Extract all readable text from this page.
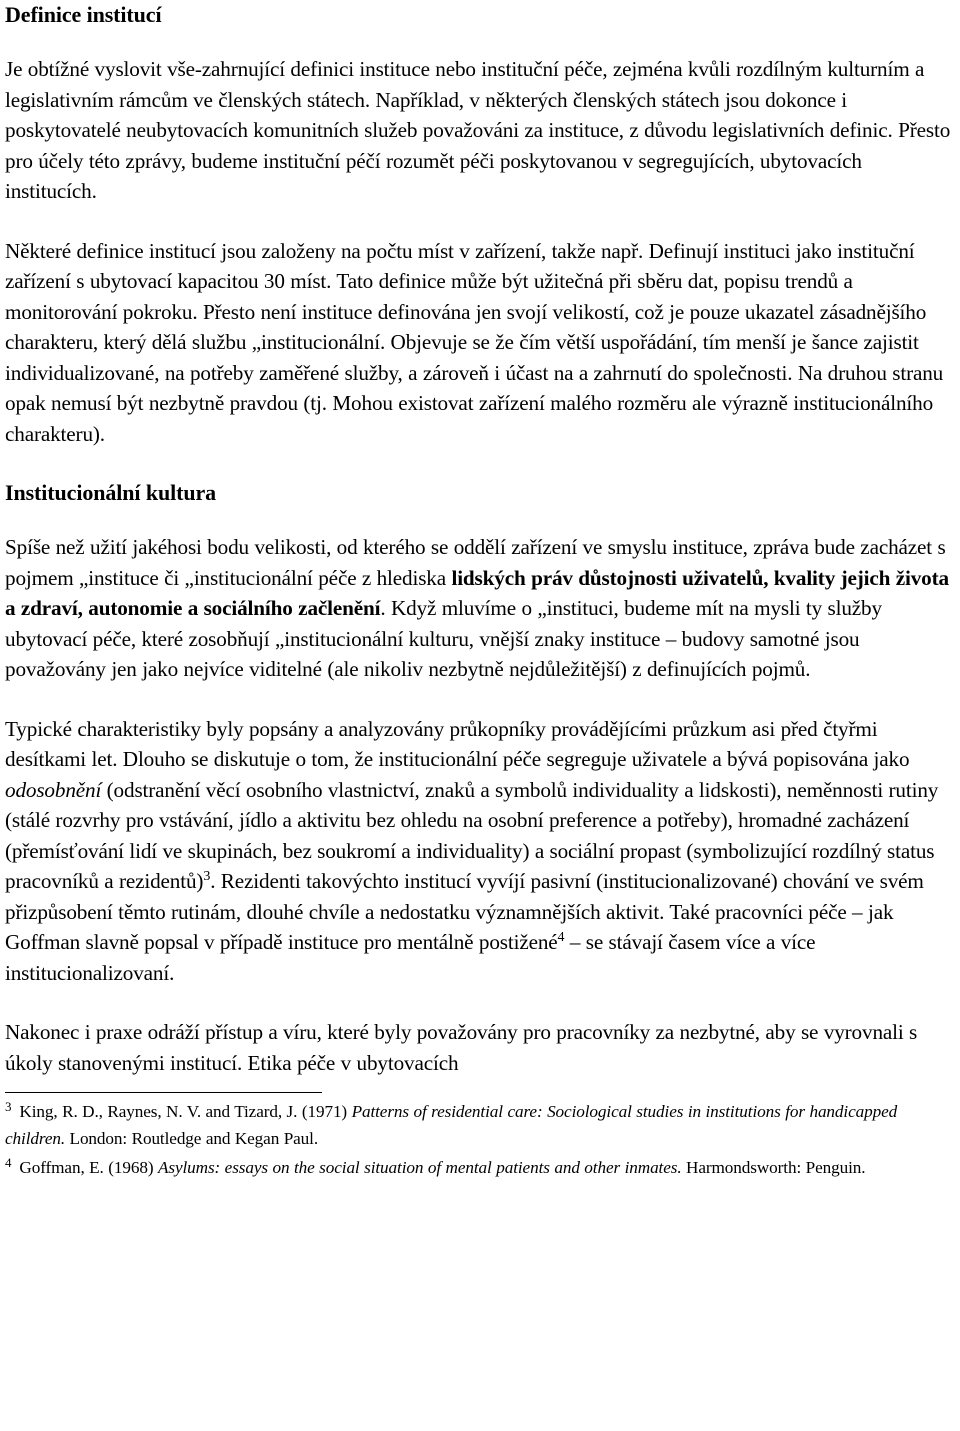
Definice institucí

Je obtížné vyslovit vše-zahrnující definici instituce nebo instituční péče, zejména kvůli rozdílným kulturním a legislativním rámcům ve členských státech. Například, v některých členských státech jsou dokonce i poskytovatelé neubytovacích komunitních služeb považováni za instituce, z důvodu legislativních definic. Přesto pro účely této zprávy, budeme instituční péčí rozumět péči poskytovanou v segregujících, ubytovacích institucích.

Některé definice institucí jsou založeny na počtu míst v zařízení, takže např. Definují instituci jako instituční zařízení s ubytovací kapacitou 30 míst. Tato definice může být užitečná při sběru dat, popisu trendů a monitorování pokroku. Přesto není instituce definována jen svojí velikostí, což je pouze ukazatel zásadnějšího charakteru, který dělá službu „institucionální. Objevuje se že čím větší uspořádání, tím menší je šance zajistit individualizované, na potřeby zaměřené služby, a zároveň i účast na a zahrnutí do společnosti. Na druhou stranu opak nemusí být nezbytně pravdou (tj. Mohou existovat zařízení malého rozměru ale výrazně institucionálního charakteru).

Institucionální kultura

Spíše než užití jakéhosi bodu velikosti, od kterého se oddělí zařízení ve smyslu instituce, zpráva bude zacházet s pojmem „instituce či „institucionální péče z hlediska lidských práv důstojnosti uživatelů, kvality jejich života a zdraví, autonomie a sociálního začlenění. Když mluvíme o „instituci, budeme mít na mysli ty služby ubytovací péče, které zosobňují „institucionální kulturu, vnější znaky instituce – budovy samotné jsou považovány jen jako nejvíce viditelné (ale nikoliv nezbytně nejdůležitější) z definujících pojmů.

Typické charakteristiky byly popsány a analyzovány průkopníky provádějícími průzkum asi před čtyřmi desítkami let. Dlouho se diskutuje o tom, že institucionální péče segreguje uživatele a bývá popisována jako odosobnění (odstranění věcí osobního vlastnictví, znaků a symbolů individuality a lidskosti), neměnnosti rutiny (stálé rozvrhy pro vstávání, jídlo a aktivitu bez ohledu na osobní preference a potřeby), hromadné zacházení (přemísťování lidí ve skupinách, bez soukromí a individuality) a sociální propast (symbolizující rozdílný status pracovníků a rezidentů)$^3$. Rezidenti takovýchto institucí vyvíjí pasivní (institucionalizované) chování ve svém přizpůsobení těmto rutinám, dlouhé chvíle a nedostatku významnějších aktivit. Také pracovníci péče – jak Goffman slavně popsal v případě instituce pro mentálně postižené$^4$ – se stávají časem více a více institucionalizovaní.

Nakonec i praxe odráží přístup a víru, které byly považovány pro pracovníky za nezbytné, aby se vyrovnali s úkoly stanovenými institucí. Etika péče v ubytovacích

$^3$ King, R. D., Raynes, N. V. and Tizard, J. (1971) Patterns of residential care: Sociological studies in institutions for handicapped children. London: Routledge and Kegan Paul.

$^4$ Goffman, E. (1968) Asylums: essays on the social situation of mental patients and other inmates. Harmondsworth: Penguin.
